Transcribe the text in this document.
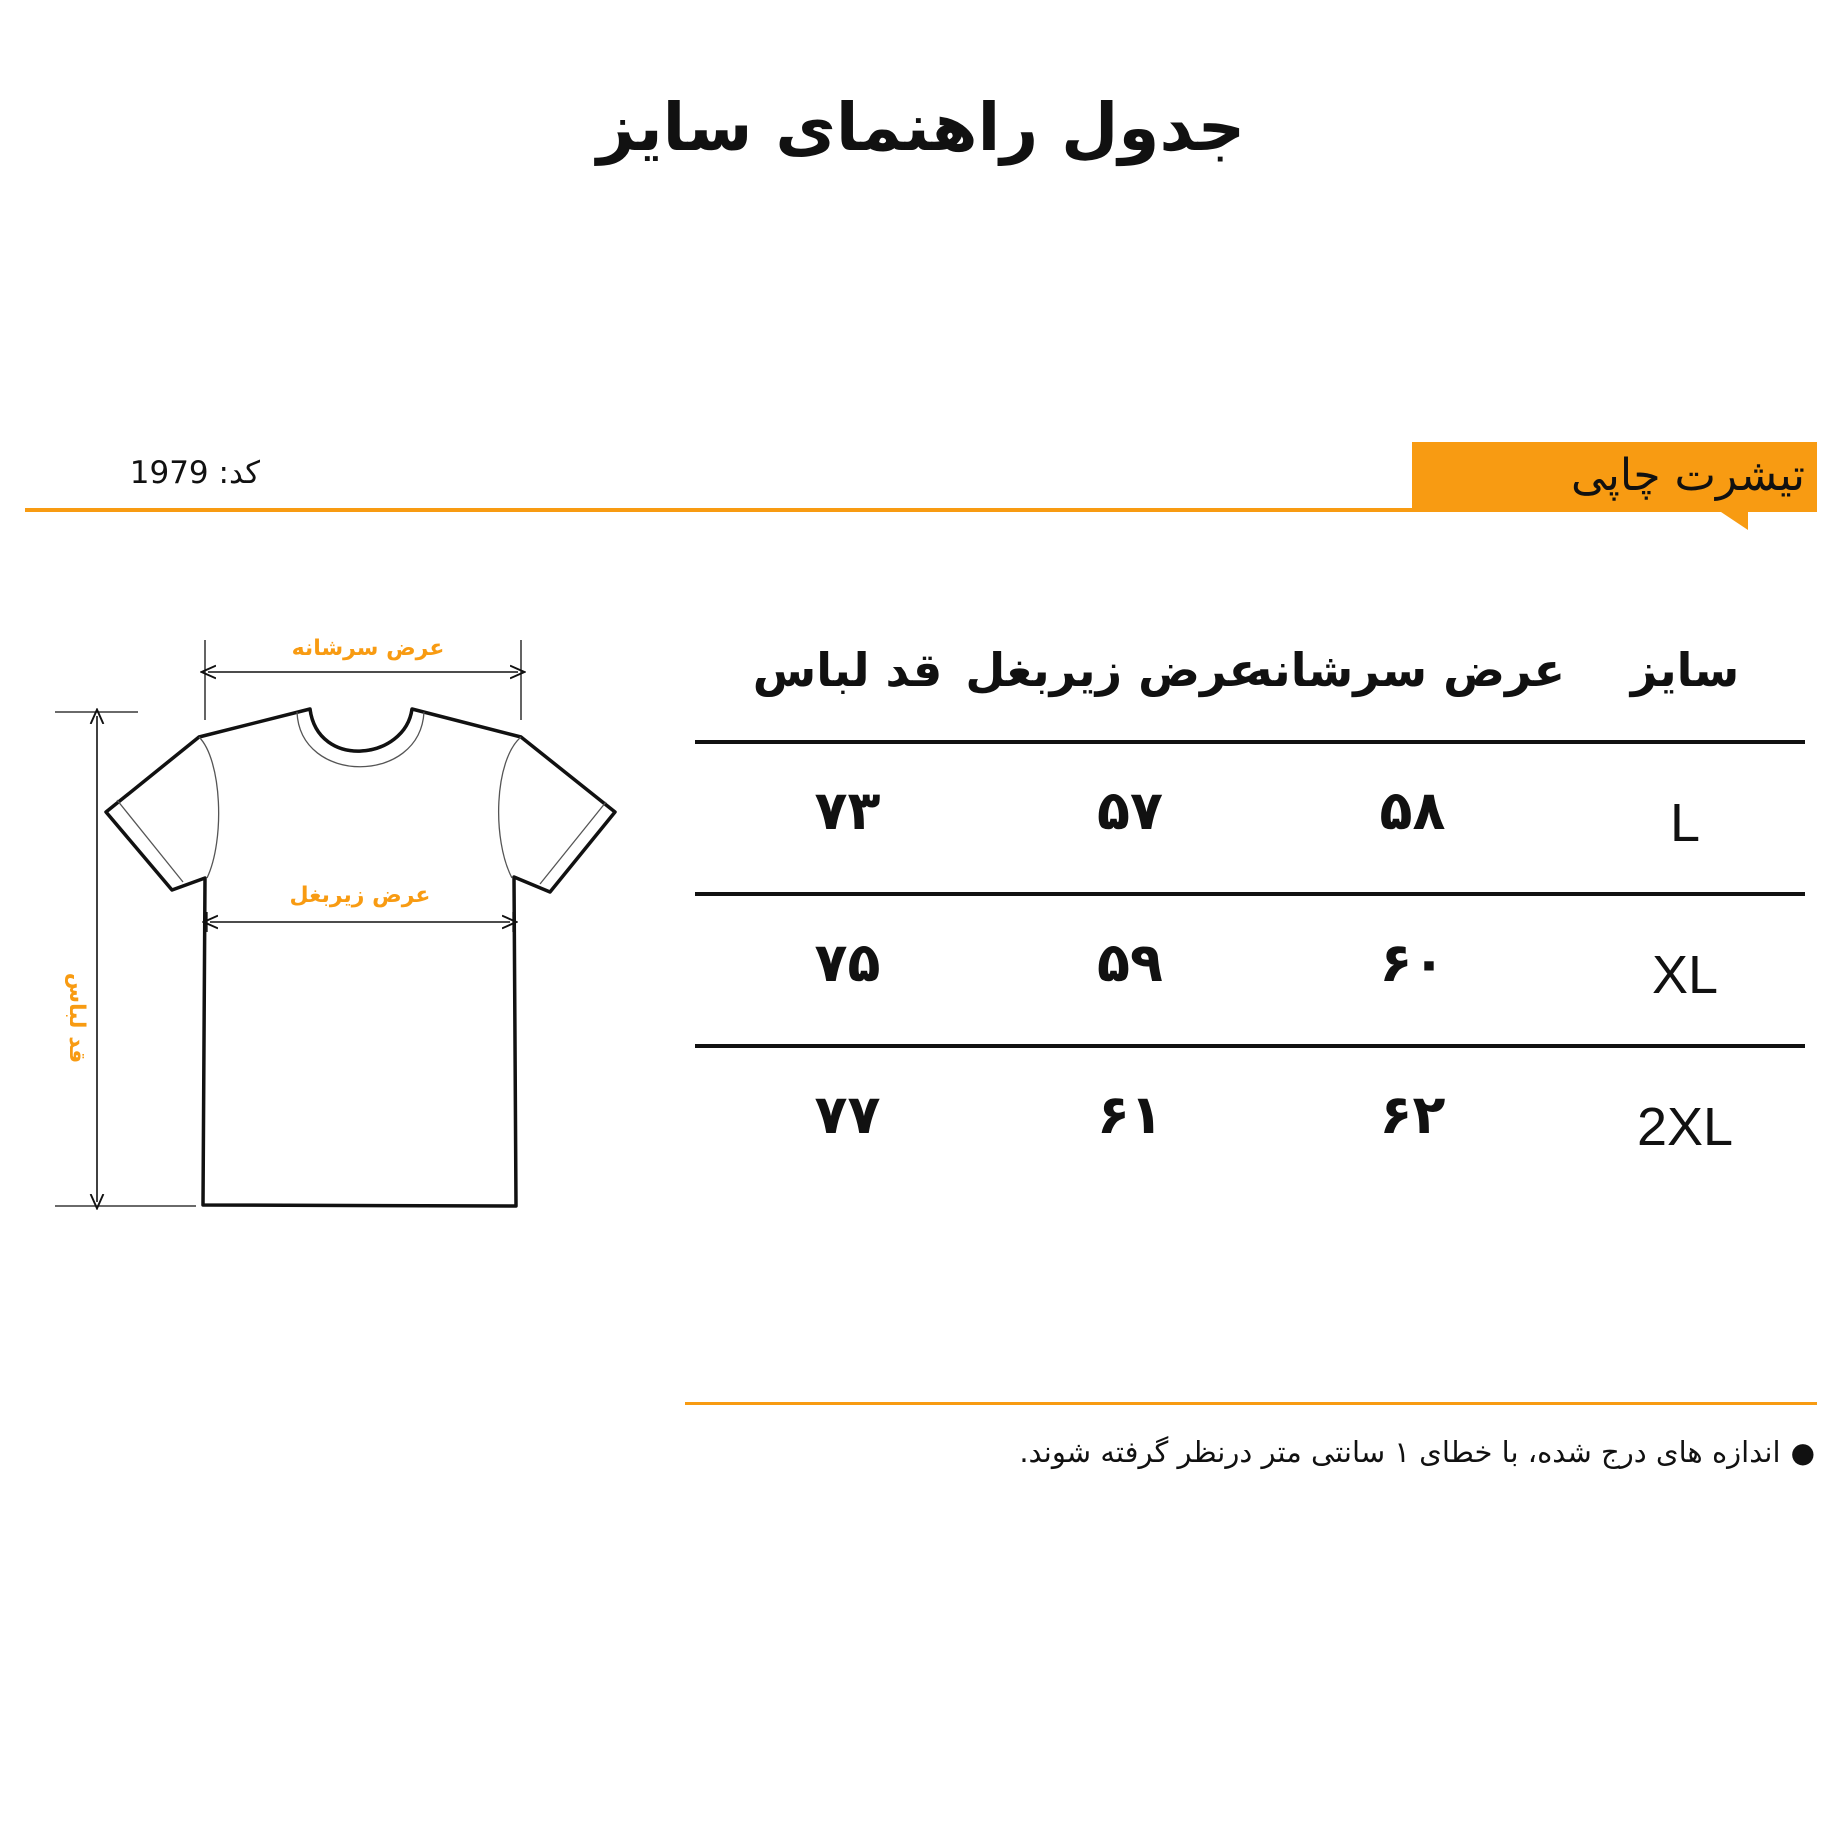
جدول راهنمای سایز
کد: 1979	تیشرت چاپی
عرض سرشانه
عرض زیربغل
قد لباس
سایز
عرض سرشانه
عرض زیربغل
قد لباس
L
۵۸
۵۷
۷۳
XL
۶۰
۵۹
۷۵
2XL
۶۲
۶۱
۷۷
●اندازه های درج شده، با خطای ۱ سانتی متر درنظر گرفته شوند.
